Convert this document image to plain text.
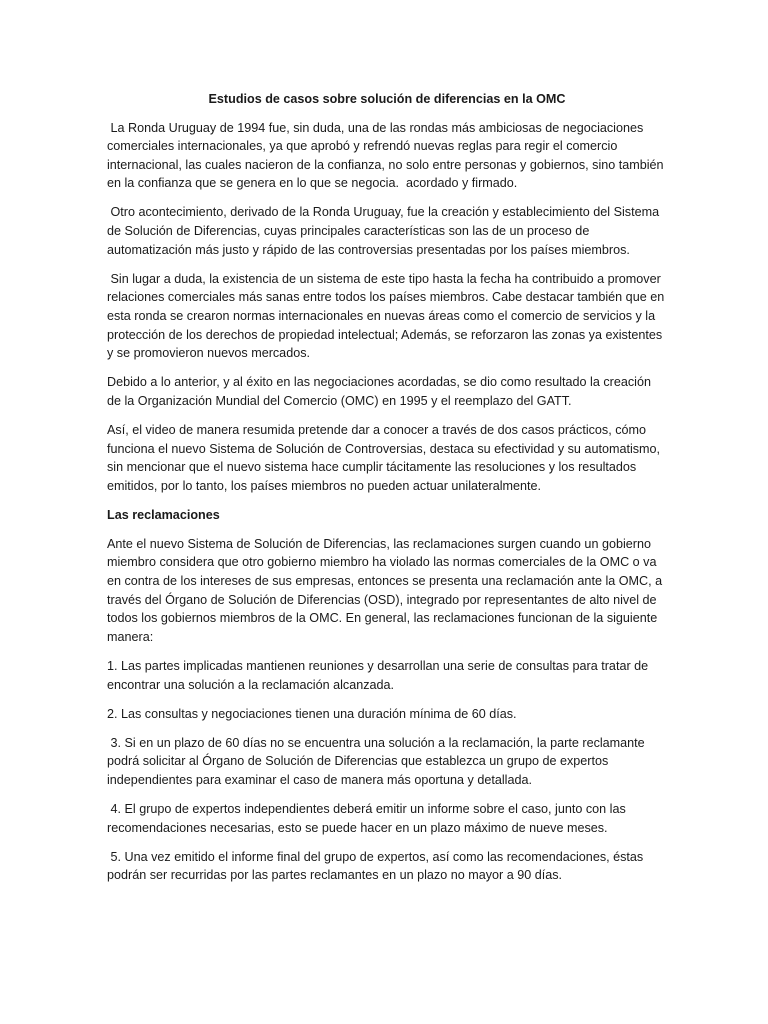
Estudios de casos sobre solución de diferencias en la OMC

La Ronda Uruguay de 1994 fue, sin duda, una de las rondas más ambiciosas de negociaciones comerciales internacionales, ya que aprobó y refrendó nuevas reglas para regir el comercio internacional, las cuales nacieron de la confianza, no solo entre personas y gobiernos, sino también en la confianza que se genera en lo que se negocia.  acordado y firmado.

Otro acontecimiento, derivado de la Ronda Uruguay, fue la creación y establecimiento del Sistema de Solución de Diferencias, cuyas principales características son las de un proceso de automatización más justo y rápido de las controversias presentadas por los países miembros.

Sin lugar a duda, la existencia de un sistema de este tipo hasta la fecha ha contribuido a promover relaciones comerciales más sanas entre todos los países miembros. Cabe destacar también que en esta ronda se crearon normas internacionales en nuevas áreas como el comercio de servicios y la protección de los derechos de propiedad intelectual; Además, se reforzaron las zonas ya existentes y se promovieron nuevos mercados.

Debido a lo anterior, y al éxito en las negociaciones acordadas, se dio como resultado la creación de la Organización Mundial del Comercio (OMC) en 1995 y el reemplazo del GATT.

Así, el video de manera resumida pretende dar a conocer a través de dos casos prácticos, cómo funciona el nuevo Sistema de Solución de Controversias, destaca su efectividad y su automatismo, sin mencionar que el nuevo sistema hace cumplir tácitamente las resoluciones y los resultados emitidos, por lo tanto, los países miembros no pueden actuar unilateralmente.

Las reclamaciones

Ante el nuevo Sistema de Solución de Diferencias, las reclamaciones surgen cuando un gobierno miembro considera que otro gobierno miembro ha violado las normas comerciales de la OMC o va en contra de los intereses de sus empresas, entonces se presenta una reclamación ante la OMC, a través del Órgano de Solución de Diferencias (OSD), integrado por representantes de alto nivel de todos los gobiernos miembros de la OMC. En general, las reclamaciones funcionan de la siguiente manera:

1. Las partes implicadas mantienen reuniones y desarrollan una serie de consultas para tratar de encontrar una solución a la reclamación alcanzada.

2. Las consultas y negociaciones tienen una duración mínima de 60 días.

3. Si en un plazo de 60 días no se encuentra una solución a la reclamación, la parte reclamante podrá solicitar al Órgano de Solución de Diferencias que establezca un grupo de expertos independientes para examinar el caso de manera más oportuna y detallada.

4. El grupo de expertos independientes deberá emitir un informe sobre el caso, junto con las recomendaciones necesarias, esto se puede hacer en un plazo máximo de nueve meses.

5. Una vez emitido el informe final del grupo de expertos, así como las recomendaciones, éstas podrán ser recurridas por las partes reclamantes en un plazo no mayor a 90 días.
